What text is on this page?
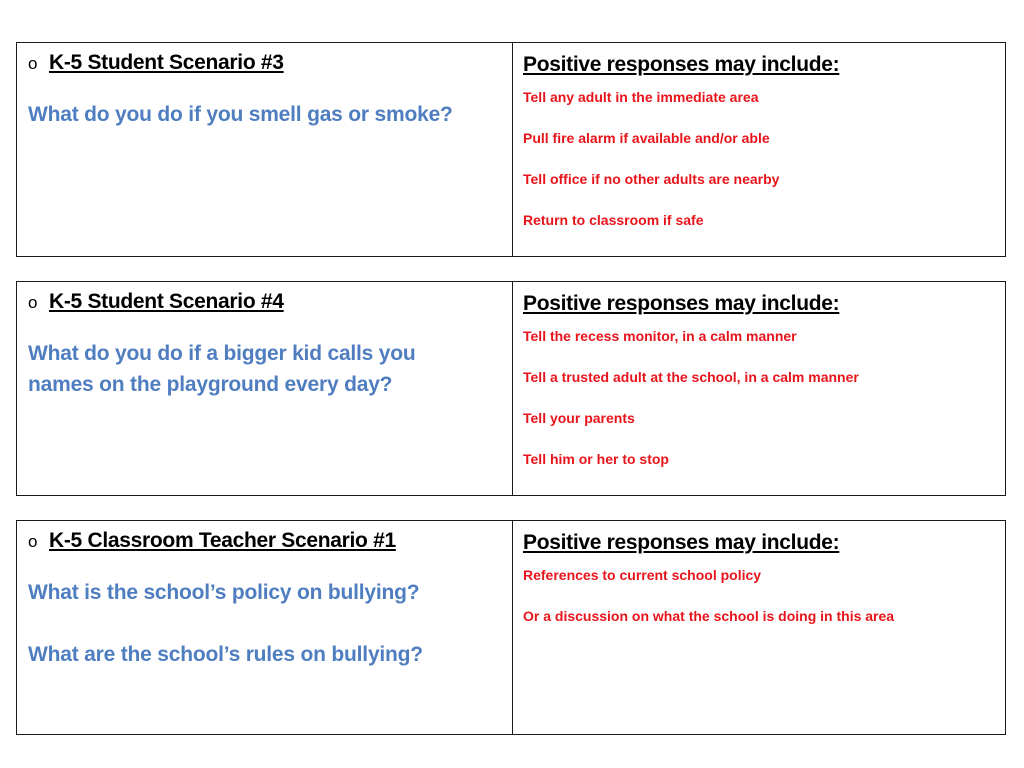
o K-5 Student Scenario #3
What do you do if you smell gas or smoke?
Positive responses may include:
Tell any adult in the immediate area
Pull fire alarm if available and/or able
Tell office if no other adults are nearby
Return to classroom if safe
o K-5 Student Scenario #4
What do you do if a bigger kid calls you names on the playground every day?
Positive responses may include:
Tell the recess monitor, in a calm manner
Tell a trusted adult at the school, in a calm manner
Tell your parents
Tell him or her to stop
o K-5 Classroom Teacher Scenario #1
What is the school’s policy on bullying?
What are the school’s rules on bullying?
Positive responses may include:
References to current school policy
Or a discussion on what the school is doing in this area
